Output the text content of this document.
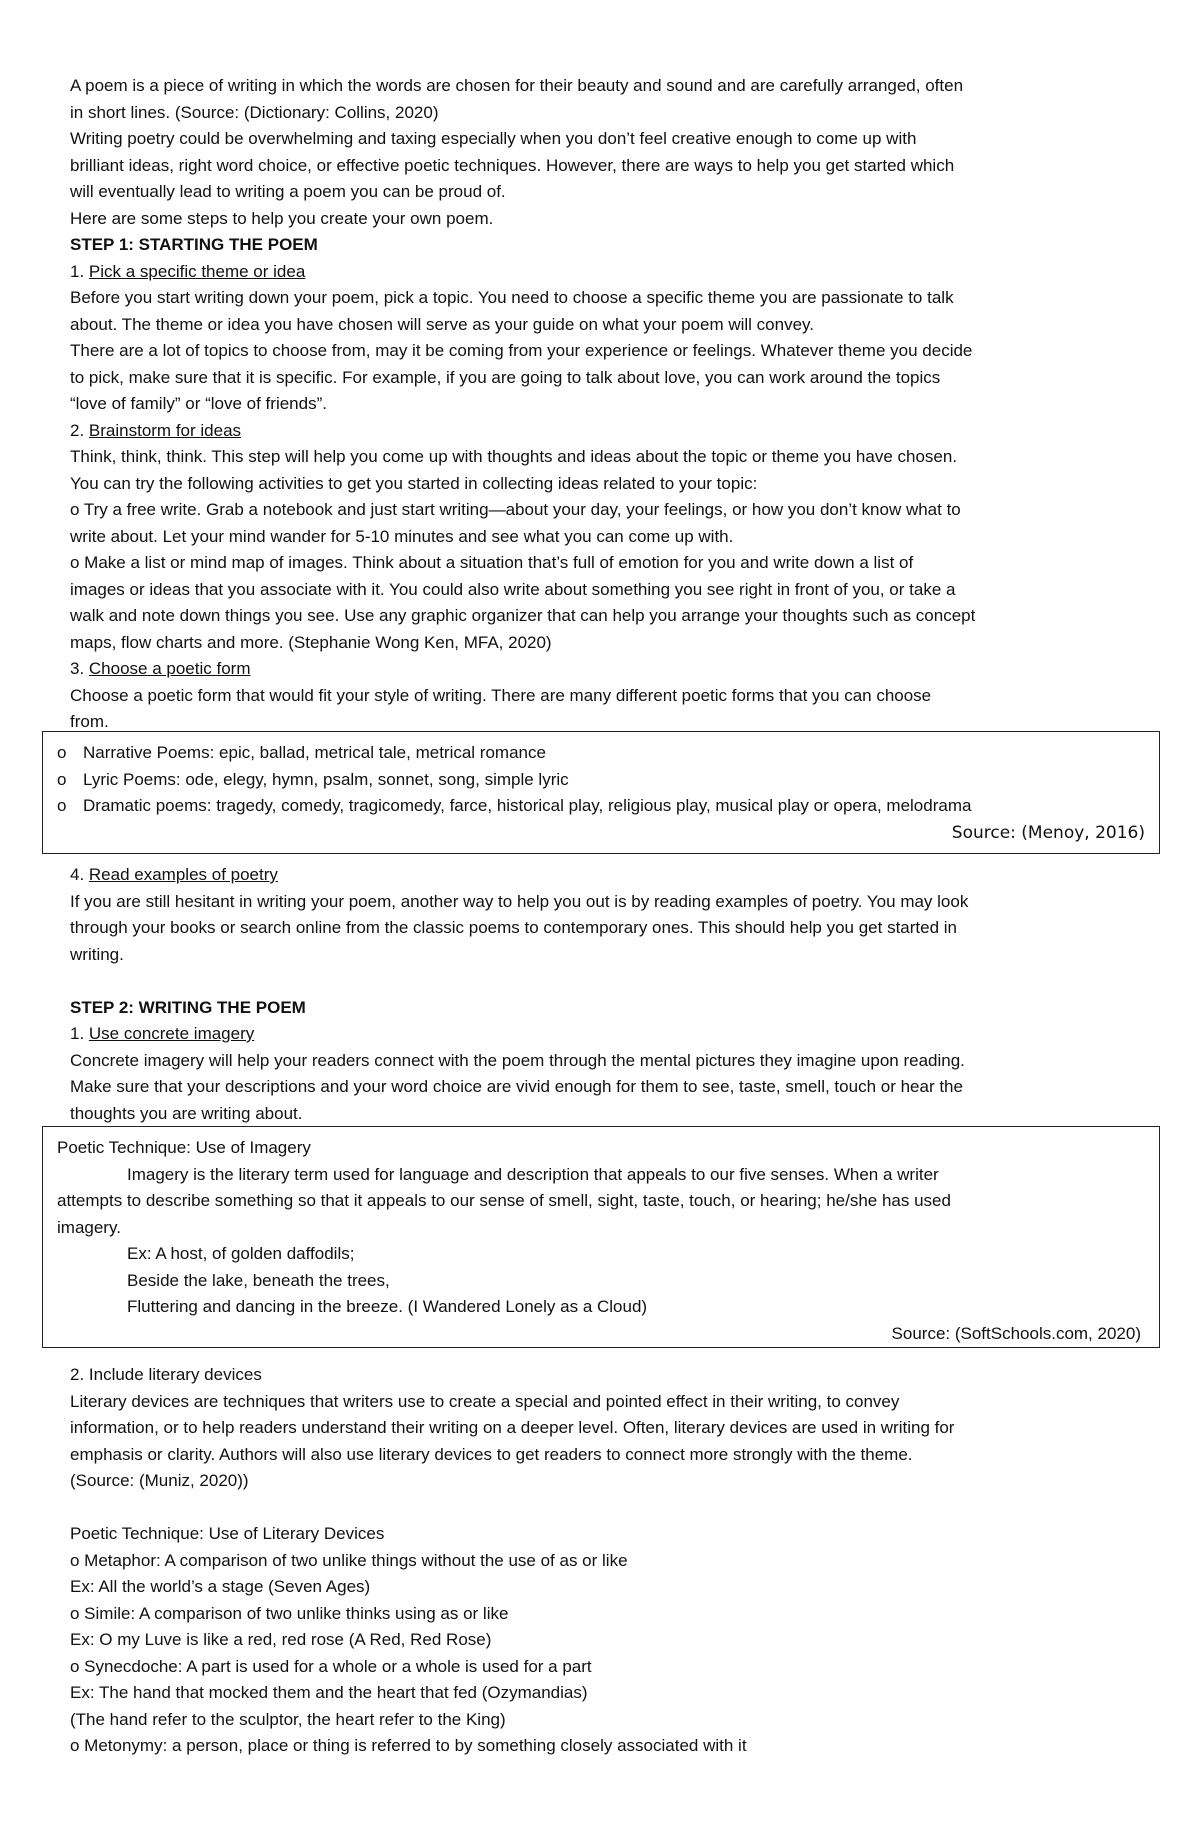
A poem is a piece of writing in which the words are chosen for their beauty and sound and are carefully arranged, often
in short lines. (Source: (Dictionary: Collins, 2020)
Writing poetry could be overwhelming and taxing especially when you don’t feel creative enough to come up with
brilliant ideas, right word choice, or effective poetic techniques. However, there are ways to help you get started which
will eventually lead to writing a poem you can be proud of.
Here are some steps to help you create your own poem.
STEP 1: STARTING THE POEM
1. Pick a specific theme or idea
Before you start writing down your poem, pick a topic. You need to choose a specific theme you are passionate to talk
about. The theme or idea you have chosen will serve as your guide on what your poem will convey.
There are a lot of topics to choose from, may it be coming from your experience or feelings. Whatever theme you decide
to pick, make sure that it is specific. For example, if you are going to talk about love, you can work around the topics
“love of family” or “love of friends”.
2. Brainstorm for ideas
Think, think, think. This step will help you come up with thoughts and ideas about the topic or theme you have chosen.
You can try the following activities to get you started in collecting ideas related to your topic:
o Try a free write. Grab a notebook and just start writing—about your day, your feelings, or how you don’t know what to
write about. Let your mind wander for 5-10 minutes and see what you can come up with.
o Make a list or mind map of images. Think about a situation that’s full of emotion for you and write down a list of
images or ideas that you associate with it. You could also write about something you see right in front of you, or take a
walk and note down things you see. Use any graphic organizer that can help you arrange your thoughts such as concept
maps, flow charts and more. (Stephanie Wong Ken, MFA, 2020)
3. Choose a poetic form
Choose a poetic form that would fit your style of writing. There are many different poetic forms that you can choose
from.
o Narrative Poems: epic, ballad, metrical tale, metrical romance
o Lyric Poems: ode, elegy, hymn, psalm, sonnet, song, simple lyric
o Dramatic poems: tragedy, comedy, tragicomedy, farce, historical play, religious play, musical play or opera, melodrama
Source: (Menoy, 2016)
4. Read examples of poetry
If you are still hesitant in writing your poem, another way to help you out is by reading examples of poetry. You may look
through your books or search online from the classic poems to contemporary ones. This should help you get started in
writing.

STEP 2: WRITING THE POEM
1. Use concrete imagery
Concrete imagery will help your readers connect with the poem through the mental pictures they imagine upon reading.
Make sure that your descriptions and your word choice are vivid enough for them to see, taste, smell, touch or hear the
thoughts you are writing about.
Poetic Technique: Use of Imagery
Imagery is the literary term used for language and description that appeals to our five senses. When a writer
attempts to describe something so that it appeals to our sense of smell, sight, taste, touch, or hearing; he/she has used
imagery.
Ex: A host, of golden daffodils;
Beside the lake, beneath the trees,
Fluttering and dancing in the breeze. (I Wandered Lonely as a Cloud)
Source: (SoftSchools.com, 2020)
2. Include literary devices
Literary devices are techniques that writers use to create a special and pointed effect in their writing, to convey
information, or to help readers understand their writing on a deeper level. Often, literary devices are used in writing for
emphasis or clarity. Authors will also use literary devices to get readers to connect more strongly with the theme.
(Source: (Muniz, 2020))

Poetic Technique: Use of Literary Devices
o Metaphor: A comparison of two unlike things without the use of as or like
Ex: All the world’s a stage (Seven Ages)
o Simile: A comparison of two unlike thinks using as or like
Ex: O my Luve is like a red, red rose (A Red, Red Rose)
o Synecdoche: A part is used for a whole or a whole is used for a part
Ex: The hand that mocked them and the heart that fed (Ozymandias)
(The hand refer to the sculptor, the heart refer to the King)
o Metonymy: a person, place or thing is referred to by something closely associated with it
